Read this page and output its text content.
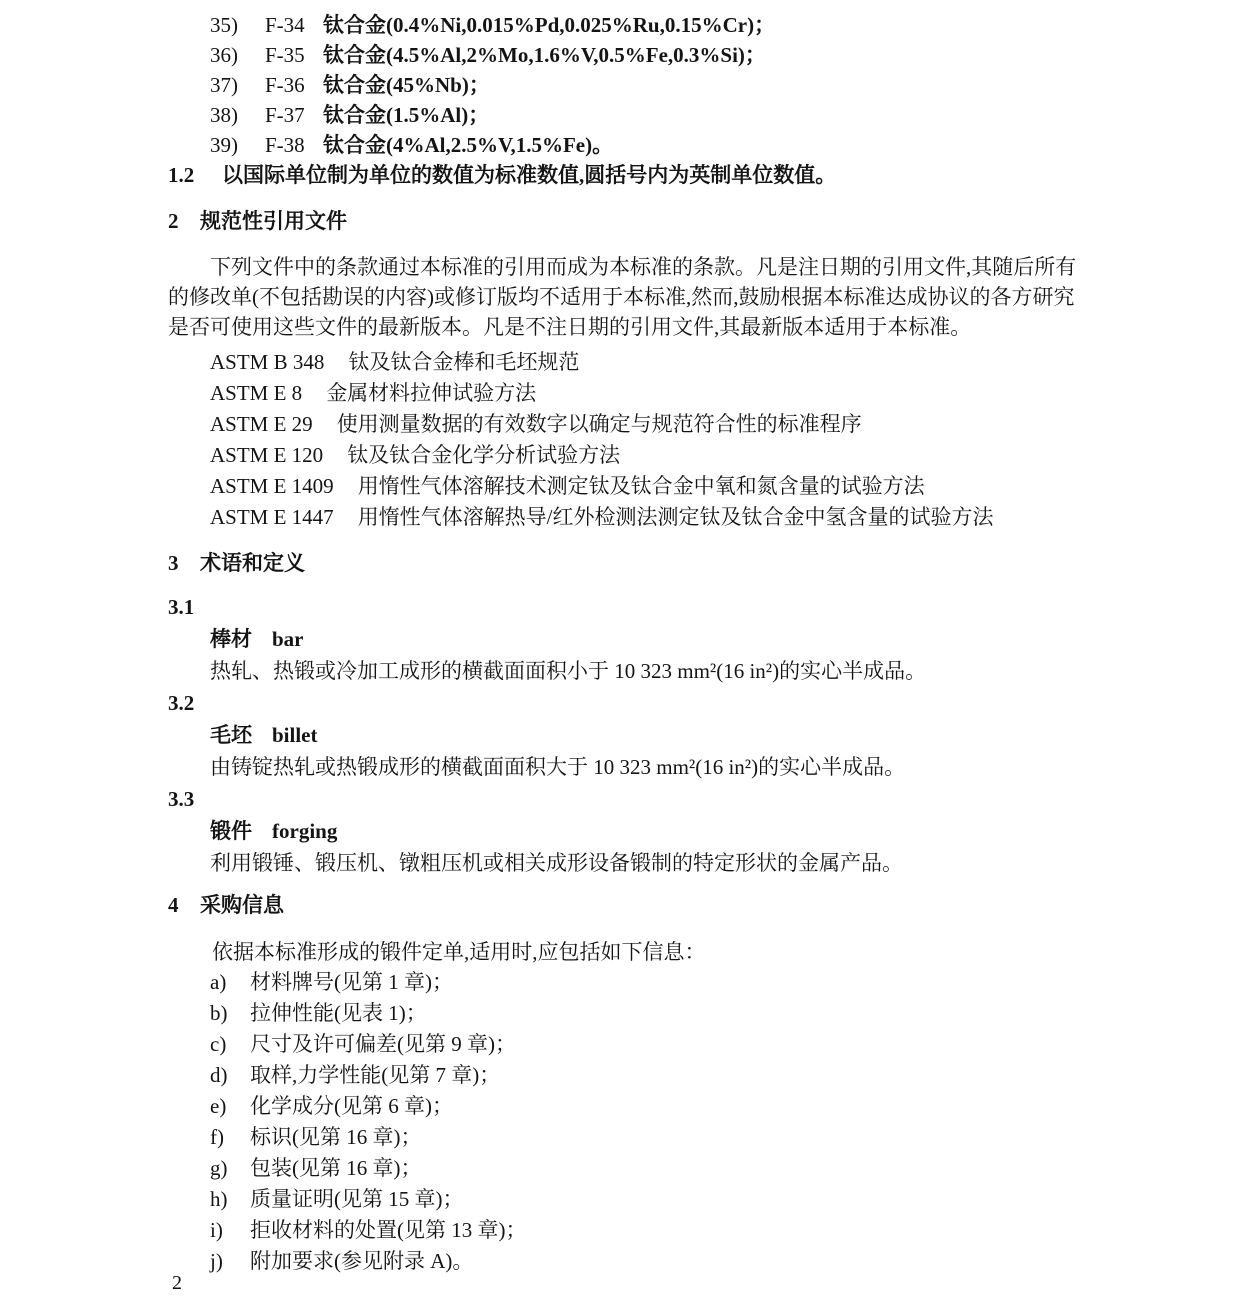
35)	F-34 钛合金(0.4%Ni,0.015%Pd,0.025%Ru,0.15%Cr)；
36)	F-35 钛合金(4.5%Al,2%Mo,1.6%V,0.5%Fe,0.3%Si)；
37)	F-36 钛合金(45%Nb)；
38)	F-37 钛合金(1.5%Al)；
39)	F-38 钛合金(4%Al,2.5%V,1.5%Fe)。
1.2	以国际单位制为单位的数值为标准数值,圆括号内为英制单位数值。
2	规范性引用文件
下列文件中的条款通过本标准的引用而成为本标准的条款。凡是注日期的引用文件,其随后所有
的修改单(不包括勘误的内容)或修订版均不适用于本标准,然而,鼓励根据本标准达成协议的各方研究
是否可使用这些文件的最新版本。凡是不注日期的引用文件,其最新版本适用于本标准。
ASTM B 348 钛及钛合金棒和毛坯规范
ASTM E 8 金属材料拉伸试验方法
ASTM E 29 使用测量数据的有效数字以确定与规范符合性的标准程序
ASTM E 120 钛及钛合金化学分析试验方法
ASTM E 1409 用惰性气体溶解技术测定钛及钛合金中氧和氮含量的试验方法
ASTM E 1447 用惰性气体溶解热导/红外检测法测定钛及钛合金中氢含量的试验方法
3	术语和定义
3.1
棒材 bar
热轧、热锻或冷加工成形的横截面面积小于 10 323 mm²(16 in²)的实心半成品。
3.2
毛坯 billet
由铸锭热轧或热锻成形的横截面面积大于 10 323 mm²(16 in²)的实心半成品。
3.3
锻件 forging
利用锻锤、锻压机、镦粗压机或相关成形设备锻制的特定形状的金属产品。
4	采购信息
依据本标准形成的锻件定单,适用时,应包括如下信息：
a)	材料牌号(见第 1 章)；
b)	拉伸性能(见表 1)；
c)	尺寸及许可偏差(见第 9 章)；
d)	取样,力学性能(见第 7 章)；
e)	化学成分(见第 6 章)；
f)	标识(见第 16 章)；
g)	包装(见第 16 章)；
h)	质量证明(见第 15 章)；
i)	拒收材料的处置(见第 13 章)；
j)	附加要求(参见附录 A)。
2
